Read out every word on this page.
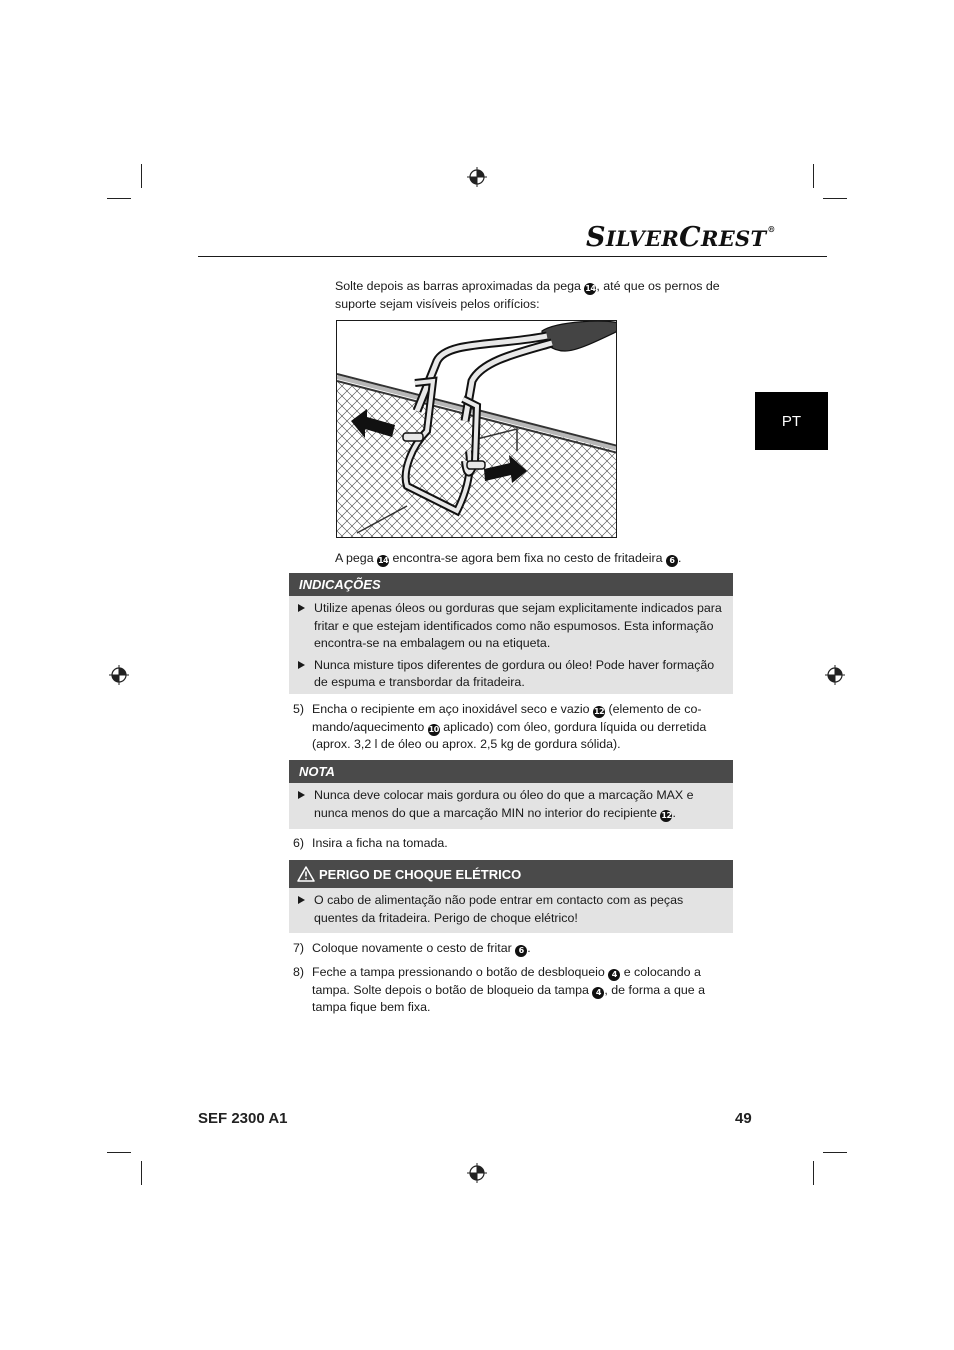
SILVERCREST®
PT
Solte depois as barras aproximadas da pega 14, até que os pernos de suporte sejam visíveis pelos orifícios:
A pega 14 encontra-se agora bem fixa no cesto de fritadeira 6 .
INDICAÇÕES
Utilize apenas óleos ou gorduras que sejam explicitamente indicados para fritar e que estejam identificados como não espumosos. Esta informação encontra-se na embalagem ou na etiqueta.
Nunca misture tipos diferentes de gordura ou óleo! Pode haver formação de espuma e transbordar da fritadeira.
5) Encha o recipiente em aço inoxidável seco e vazio 12 (elemento de co-mando/aquecimento 10 aplicado) com óleo, gordura líquida ou derretida (aprox. 3,2 l de óleo ou aprox. 2,5 kg de gordura sólida).
NOTA
Nunca deve colocar mais gordura ou óleo do que a marcação MAX e nunca menos do que a marcação MIN no interior do recipiente 12.
6) Insira a ficha na tomada.
PERIGO DE CHOQUE ELÉTRICO
O cabo de alimentação não pode entrar em contacto com as peças quentes da fritadeira. Perigo de choque elétrico!
7) Coloque novamente o cesto de fritar 6 .
8) Feche a tampa pressionando o botão de desbloqueio 4 e colocando a tampa. Solte depois o botão de bloqueio da tampa 4 , de forma a que a tampa fique bem fixa.
SEF 2300 A1	49
